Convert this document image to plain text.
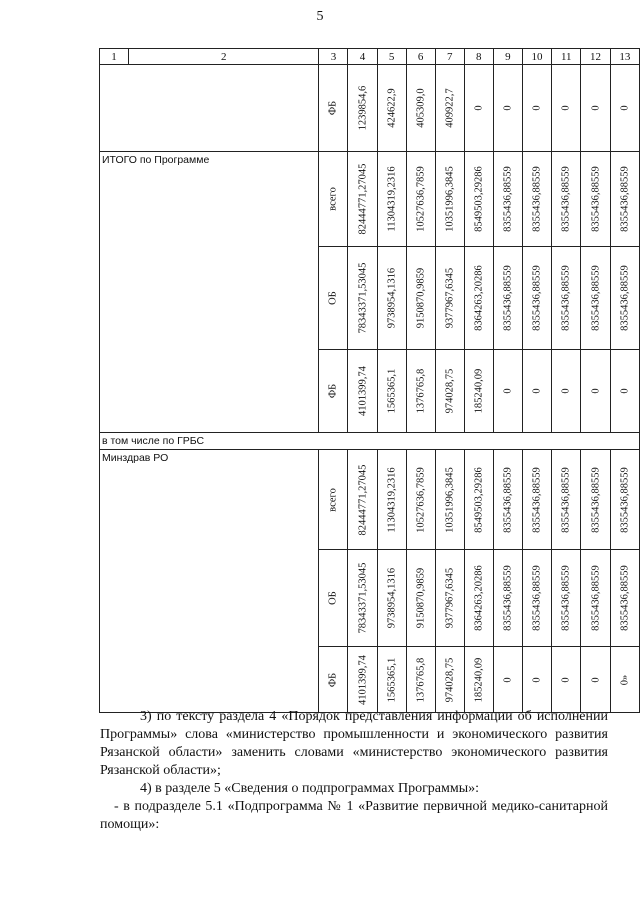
5
1	2	3	4	5	6	7	8	9	10	11	12	13

		ФБ	1239854,6	424622,9	405309,0	409922,7	0	0	0	0	0	0

ИТОГО по Программе		всего	82444771,27045	11304319,2316	10527636,7859	10351996,3845	8549503,29286	8355436,88559	8355436,88559	8355436,88559	8355436,88559	8355436,88559

		ОБ	78343371,53045	9738954,1316	9150870,9859	9377967,6345	8364263,20286	8355436,88559	8355436,88559	8355436,88559	8355436,88559	8355436,88559

		ФБ	4101399,74	1565365,1	1376765,8	974028,75	185240,09	0	0	0	0	0

в том числе по ГРБС												

Минздрав РО		всего	82444771,27045	11304319,2316	10527636,7859	10351996,3845	8549503,29286	8355436,88559	8355436,88559	8355436,88559	8355436,88559	8355436,88559

		ОБ	78343371,53045	9738954,1316	9150870,9859	9377967,6345	8364263,20286	8355436,88559	8355436,88559	8355436,88559	8355436,88559	8355436,88559

		ФБ	4101399,74	1565365,1	1376765,8	974028,75	185240,09	0	0	0	0	0»

3) по тексту раздела 4 «Порядок представления информации об исполнении Программы» слова «министерство промышленности и экономического развития Рязанской области» заменить словами «министерство экономического развития Рязанской области»;

4) в разделе 5 «Сведения о подпрограммах Программы»:

- в подразделе 5.1 «Подпрограмма № 1 «Развитие первичной медико-санитарной помощи»:
